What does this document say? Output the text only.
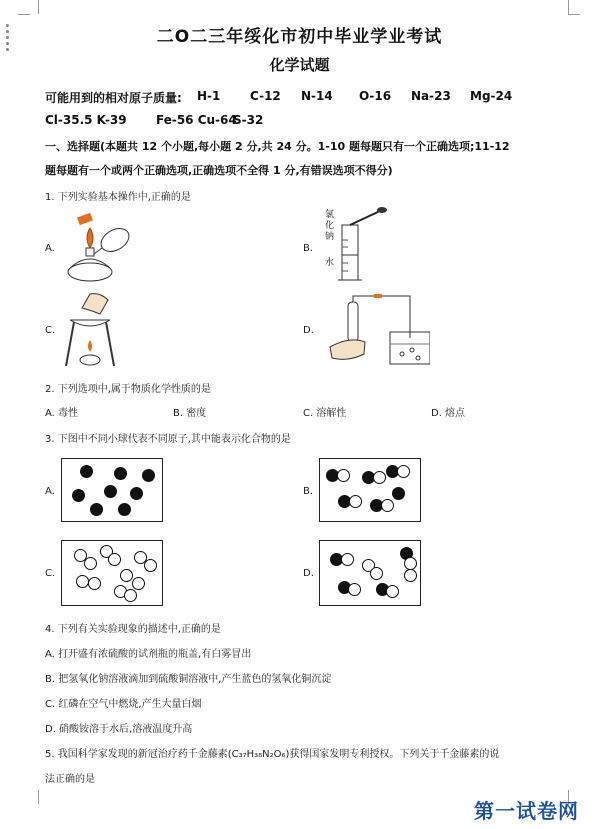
二O二三年绥化市初中毕业学业考试
化学试题
可能用到的相对原子质量: H-1 C-12 N-14 O-16 Na-23 Mg-24
Cl-35.5 K-39 Fe-56 Cu-64
S-32
一、选择题(本题共 12 个小题,每小题 2 分,共 24 分。1-10 题每题只有一个正确选项;11-12
题每题有一个或两个正确选项,正确选项不全得 1 分,有错误选项不得分)
1. 下列实验基本操作中,正确的是
A.	B.
C.	D.
氯化钠
水
2. 下列选项中,属于物质化学性质的是
A. 毒性	B. 密度	C. 溶解性	D. 熔点
3. 下图中不同小球代表不同原子,其中能表示化合物的是
A.	B.
C.	D.
4. 下列有关实验现象的描述中,正确的是
A. 打开盛有浓硫酸的试剂瓶的瓶盖,有白雾冒出
B. 把氢氧化钠溶液滴加到硫酸铜溶液中,产生蓝色的氢氧化铜沉淀
C. 红磷在空气中燃烧,产生大量白烟
D. 硝酸铵溶于水后,溶液温度升高
5. 我国科学家发现的新冠治疗药千金藤素(C₃₇H₃₈N₂O₆)获得国家发明专利授权。下列关于千金藤素的说
法正确的是
第一试卷网
